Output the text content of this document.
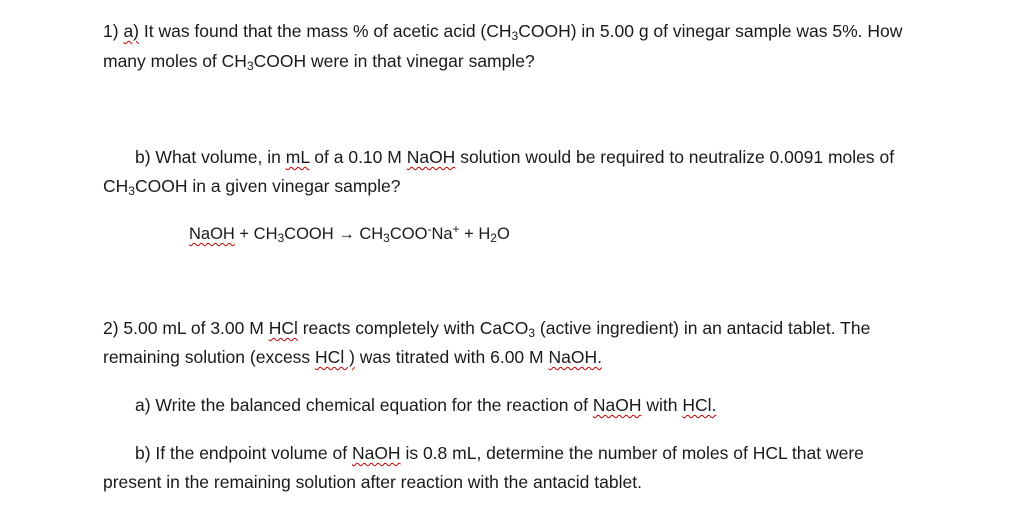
1) a) It was found that the mass % of acetic acid $(CH_3COOH)$ in 5.00 g of vinegar sample was 5%. How
many moles of $CH_3COOH$ were in that vinegar sample?
b) What volume, in mL of a 0.10 M NaOH solution would be required to neutralize 0.0091 moles of
$CH_3COOH$ in a given vinegar sample?
NaOH + $CH_3COOH \to CH_3COO^-Na^+ + H_2O$
2) 5.00 mL of 3.00 M HCl reacts completely with CaCO$_3$ (active ingredient) in an antacid tablet. The
remaining solution (excess HCl ) was titrated with 6.00 M NaOH.
a) Write the balanced chemical equation for the reaction of NaOH with HCl.
b) If the endpoint volume of NaOH is 0.8 mL, determine the number of moles of HCL that were
present in the remaining solution after reaction with the antacid tablet.
